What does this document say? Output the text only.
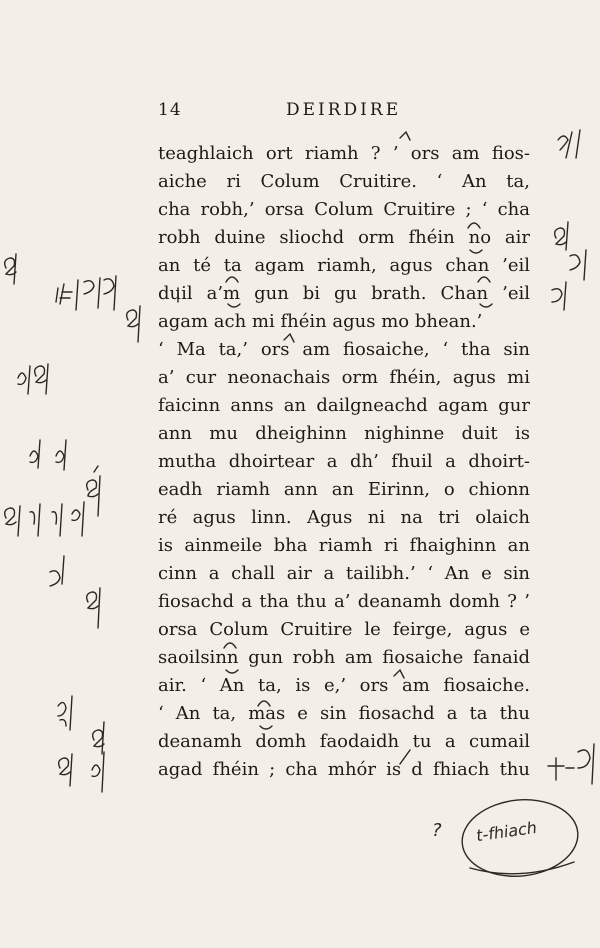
14	DEIRDIRE
teaghlaich ort riamh ? ’ ors am fios-
aiche ri Colum Cruitire. ‘ An ta,
cha robh,’ orsa Colum Cruitire ; ‘ cha
robh duine sliochd orm fhéin no air
an té ta agam riamh, agus chan ’eil
duil a’m gun bi gu brath. Chan ’eil
agam ach mi fhéin agus mo bhean.’
‘ Ma ta,’ ors am fiosaiche, ‘ tha sin
a’ cur neonachais orm fhéin, agus mi
faicinn anns an dailgneachd agam gur
ann mu dheighinn nighinne duit is
mutha dhoirtear a dh’ fhuil a dhoirt-
eadh riamh ann an Eirinn, o chionn
ré agus linn. Agus ni na tri olaich
is ainmeile bha riamh ri fhaighinn an
cinn a chall air a tailibh.’ ‘ An e sin
fiosachd a tha thu a’ deanamh domh ? ’
orsa Colum Cruitire le feirge, agus e
saoilsinn gun robh am fiosaiche fanaid
air. ‘ An ta, is e,’ ors am fiosaiche.
‘ An ta, mas e sin fiosachd a ta thu
deanamh domh faodaidh tu a cumail
agad fhéin ; cha mhór is d fhiach thu
? t-fhiach
